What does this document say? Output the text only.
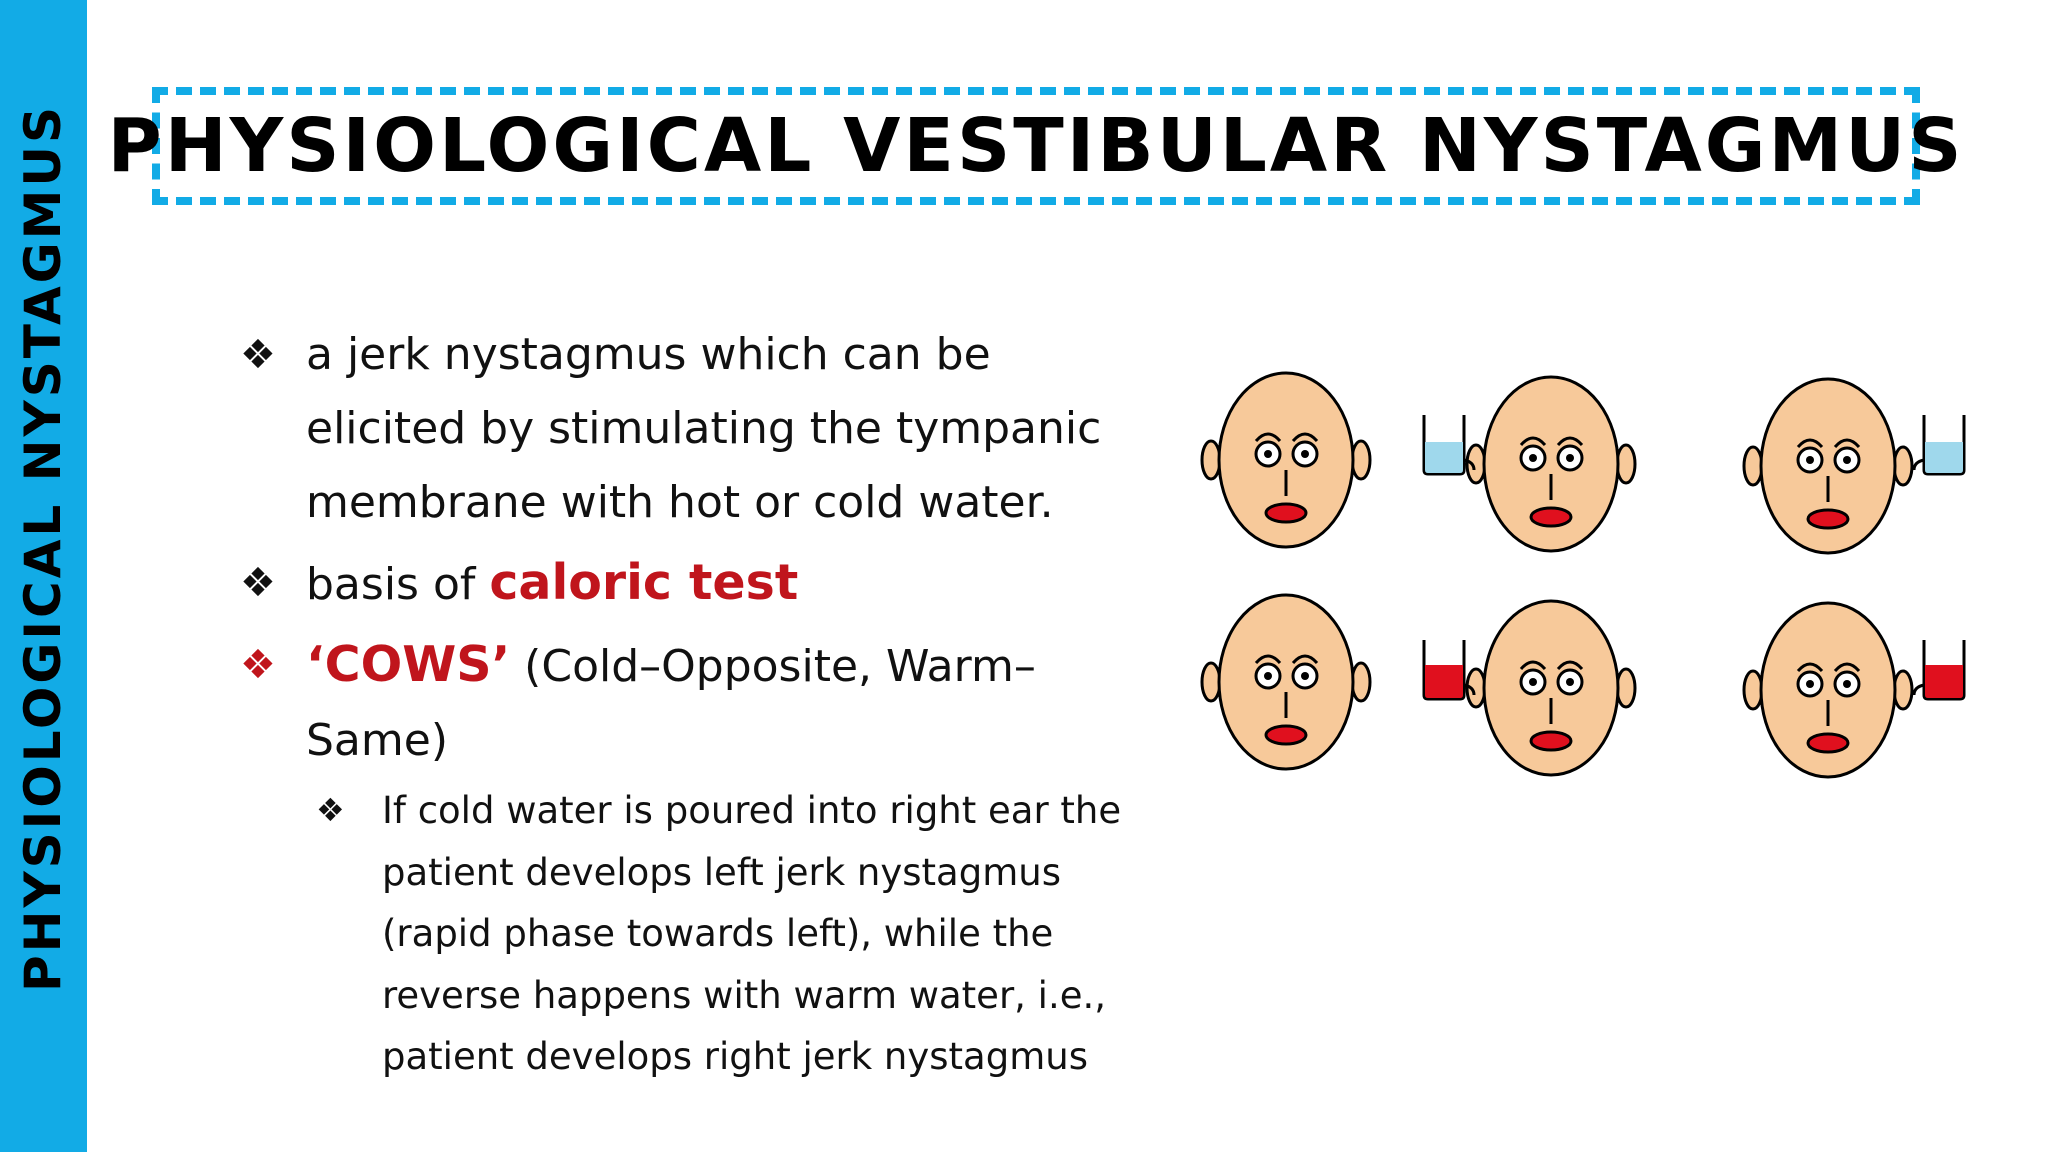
PHYSIOLOGICAL NYSTAGMUS PHYSIOLOGICAL VESTIBULAR NYSTAGMUS
❖ a jerk nystagmus which can be elicited by stimulating the tympanic membrane with hot or cold water.
❖ basis of caloric test
❖ ‘COWS’ (Cold–Opposite, Warm–Same)
❖	If cold water is poured into right ear the patient develops left jerk nystagmus (rapid phase towards left), while the reverse happens with warm water, i.e., patient develops right jerk nystagmus
